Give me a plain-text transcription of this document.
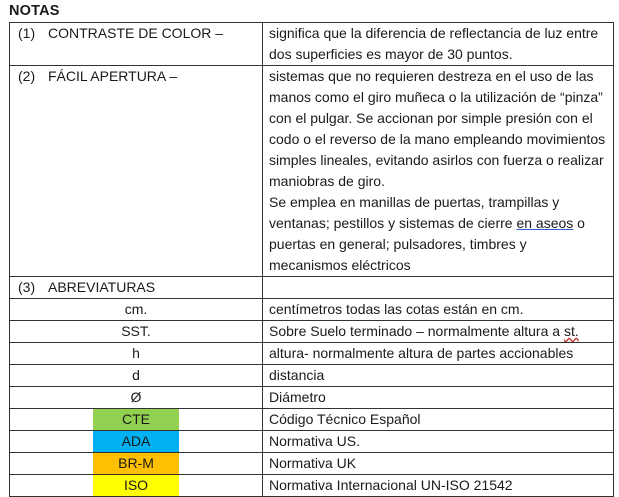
NOTAS
(1) CONTRASTE DE COLOR –	significa que la diferencia de reflectancia de luz entre dos superficies es mayor de 30 puntos.
(2) FÁCIL APERTURA –	sistemas que no requieren destreza en el uso de las manos como el giro muñeca o la utilización de “pinza” con el pulgar. Se accionan por simple presión con el codo o el reverso de la mano empleando movimientos simples lineales, evitando asirlos con fuerza o realizar maniobras de giro.
Se emplea en manillas de puertas, trampillas y ventanas; pestillos y sistemas de cierre en aseos o puertas en general; pulsadores, timbres y mecanismos eléctricos
(3) ABREVIATURAS	
cm.	centímetros todas las cotas están en cm.
SST.	Sobre Suelo terminado – normalmente altura a st.
h	altura- normalmente altura de partes accionables
d	distancia
Ø	Diámetro

CTE	Código Técnico Español

ADA	Normativa US.

BR-M	Normativa UK

ISO	Normativa Internacional UN-ISO 21542
